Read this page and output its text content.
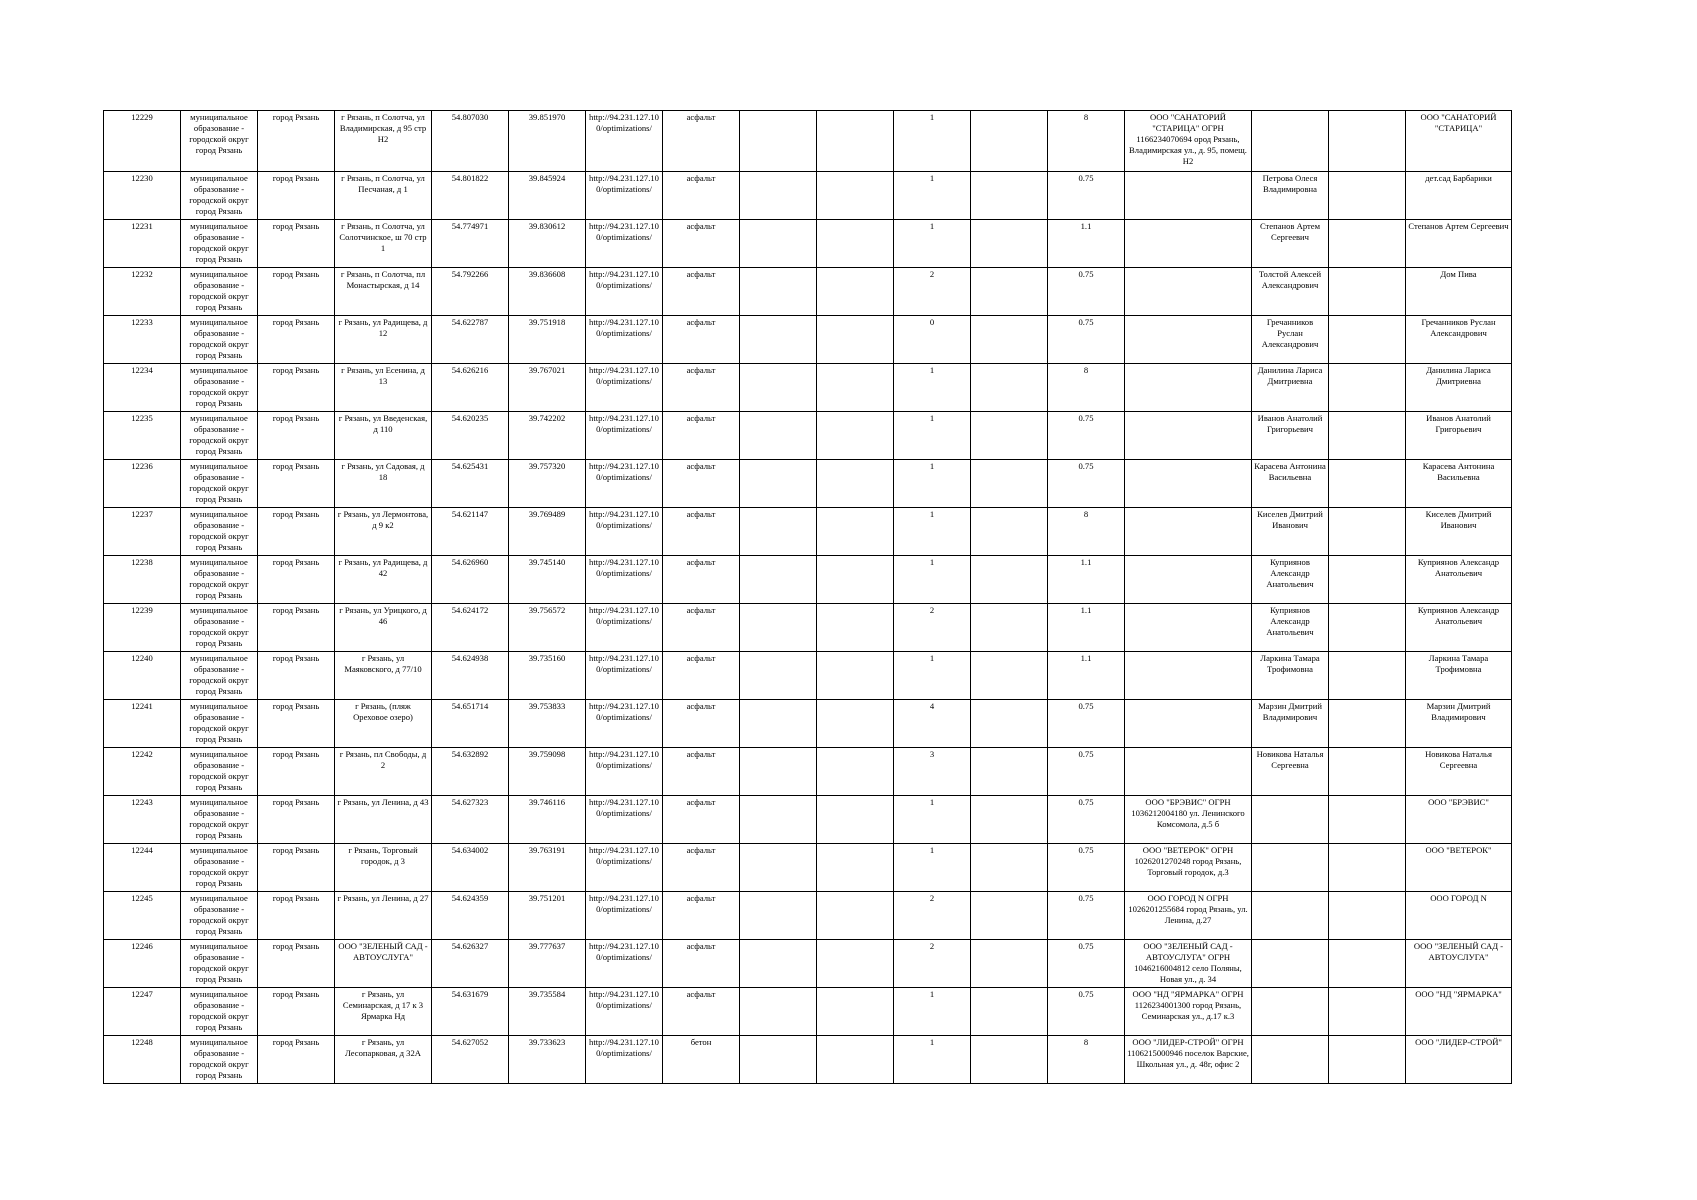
12229	муниципальное образование - городской округ город Рязань	город Рязань	г Рязань, п Солотча, ул Владимирская, д 95 стр Н2	54.807030	39.851970	http://94.231.127.10 0/optimizations/	асфальт			1		8	ООО "САНАТОРИЙ "СТАРИЦА" ОГРН 1166234070694 ород Рязань, Владимирская ул., д. 95, помещ. Н2			ООО "САНАТОРИЙ "СТАРИЦА"
12230	муниципальное образование - городской округ город Рязань	город Рязань	г Рязань, п Солотча, ул Песчаная, д 1	54.801822	39.845924	http://94.231.127.10 0/optimizations/	асфальт			1		0.75		Петрова Олеся Владимировна		дет.сад Барбарики
12231	муниципальное образование - городской округ город Рязань	город Рязань	г Рязань, п Солотча, ул Солотчинское, ш 70 стр 1	54.774971	39.830612	http://94.231.127.10 0/optimizations/	асфальт			1		1.1		Степанов Артем Сергеевич		Степанов Артем Сергеевич
12232	муниципальное образование - городской округ город Рязань	город Рязань	г Рязань, п Солотча, пл Монастырская, д 14	54.792266	39.836608	http://94.231.127.10 0/optimizations/	асфальт			2		0.75		Толстой Алексей Александрович		Дом Пива
12233	муниципальное образование - городской округ город Рязань	город Рязань	г Рязань, ул Радищева, д 12	54.622787	39.751918	http://94.231.127.10 0/optimizations/	асфальт			0		0.75		Гречанников Руслан Александрович		Гречанников Руслан Александрович
12234	муниципальное образование - городской округ город Рязань	город Рязань	г Рязань, ул Есенина, д 13	54.626216	39.767021	http://94.231.127.10 0/optimizations/	асфальт			1		8		Данилина Лариса Дмитриевна		Данилина Лариса Дмитриевна
12235	муниципальное образование - городской округ город Рязань	город Рязань	г Рязань, ул Введенская, д 110	54.620235	39.742202	http://94.231.127.10 0/optimizations/	асфальт			1		0.75		Иванов Анатолий Григорьевич		Иванов Анатолий Григорьевич
12236	муниципальное образование - городской округ город Рязань	город Рязань	г Рязань, ул Садовая, д 18	54.625431	39.757320	http://94.231.127.10 0/optimizations/	асфальт			1		0.75		Карасева Антонина Васильевна		Карасева Антонина Васильевна
12237	муниципальное образование - городской округ город Рязань	город Рязань	г Рязань, ул Лермонтова, д 9 к2	54.621147	39.769489	http://94.231.127.10 0/optimizations/	асфальт			1		8		Киселев Дмитрий Иванович		Киселев Дмитрий Иванович
12238	муниципальное образование - городской округ город Рязань	город Рязань	г Рязань, ул Радищева, д 42	54.626960	39.745140	http://94.231.127.10 0/optimizations/	асфальт			1		1.1		Куприянов Александр Анатольевич		Куприянов Александр Анатольевич
12239	муниципальное образование - городской округ город Рязань	город Рязань	г Рязань, ул Урицкого, д 46	54.624172	39.756572	http://94.231.127.10 0/optimizations/	асфальт			2		1.1		Куприянов Александр Анатольевич		Куприянов Александр Анатольевич
12240	муниципальное образование - городской округ город Рязань	город Рязань	г Рязань, ул Маяковского, д 77/10	54.624938	39.735160	http://94.231.127.10 0/optimizations/	асфальт			1		1.1		Ларкина Тамара Трофимовна		Ларкина Тамара Трофимовна
12241	муниципальное образование - городской округ город Рязань	город Рязань	г Рязань, (пляж Ореховое озеро)	54.651714	39.753833	http://94.231.127.10 0/optimizations/	асфальт			4		0.75		Марзин Дмитрий Владимирович		Марзин Дмитрий Владимирович
12242	муниципальное образование - городской округ город Рязань	город Рязань	г Рязань, пл Свободы, д 2	54.632892	39.759098	http://94.231.127.10 0/optimizations/	асфальт			3		0.75		Новикова Наталья Сергеевна		Новикова Наталья Сергеевна
12243	муниципальное образование - городской округ город Рязань	город Рязань	г Рязань, ул Ленина, д 43	54.627323	39.746116	http://94.231.127.10 0/optimizations/	асфальт			1		0.75	ООО "БРЭВИС" ОГРН 1036212004180 ул. Ленинского Комсомола, д.5 б			ООО "БРЭВИС"
12244	муниципальное образование - городской округ город Рязань	город Рязань	г Рязань, Торговый городок, д 3	54.634002	39.763191	http://94.231.127.10 0/optimizations/	асфальт			1		0.75	ООО "ВЕТЕРОК" ОГРН 1026201270248 город Рязань, Торговый городок, д.3			ООО "ВЕТЕРОК"
12245	муниципальное образование - городской округ город Рязань	город Рязань	г Рязань, ул Ленина, д 27	54.624359	39.751201	http://94.231.127.10 0/optimizations/	асфальт			2		0.75	ООО ГОРОД N ОГРН 1026201255684 город Рязань, ул. Ленина, д.27			ООО ГОРОД N
12246	муниципальное образование - городской округ город Рязань	город Рязань	ООО "ЗЕЛЕНЫЙ САД - АВТОУСЛУГА"	54.626327	39.777637	http://94.231.127.10 0/optimizations/	асфальт			2		0.75	ООО "ЗЕЛЕНЫЙ САД - АВТОУСЛУГА" ОГРН 1046216004812 село Поляны, Новая ул., д. 34			ООО "ЗЕЛЕНЫЙ САД - АВТОУСЛУГА"
12247	муниципальное образование - городской округ город Рязань	город Рязань	г Рязань, ул Семинарская, д 17 к 3 Ярмарка Нд	54.631679	39.735584	http://94.231.127.10 0/optimizations/	асфальт			1		0.75	ООО "НД "ЯРМАРКА" ОГРН 1126234001300 город Рязань, Семинарская ул., д.17 к.3			ООО "НД "ЯРМАРКА"
12248	муниципальное образование - городской округ город Рязань	город Рязань	г Рязань, ул Лесопарковая, д 32А	54.627052	39.733623	http://94.231.127.10 0/optimizations/	бетон			1		8	ООО "ЛИДЕР-СТРОЙ" ОГРН 1106215000946 поселок Варские, Школьная ул., д. 48г, офис 2			ООО "ЛИДЕР-СТРОЙ"
